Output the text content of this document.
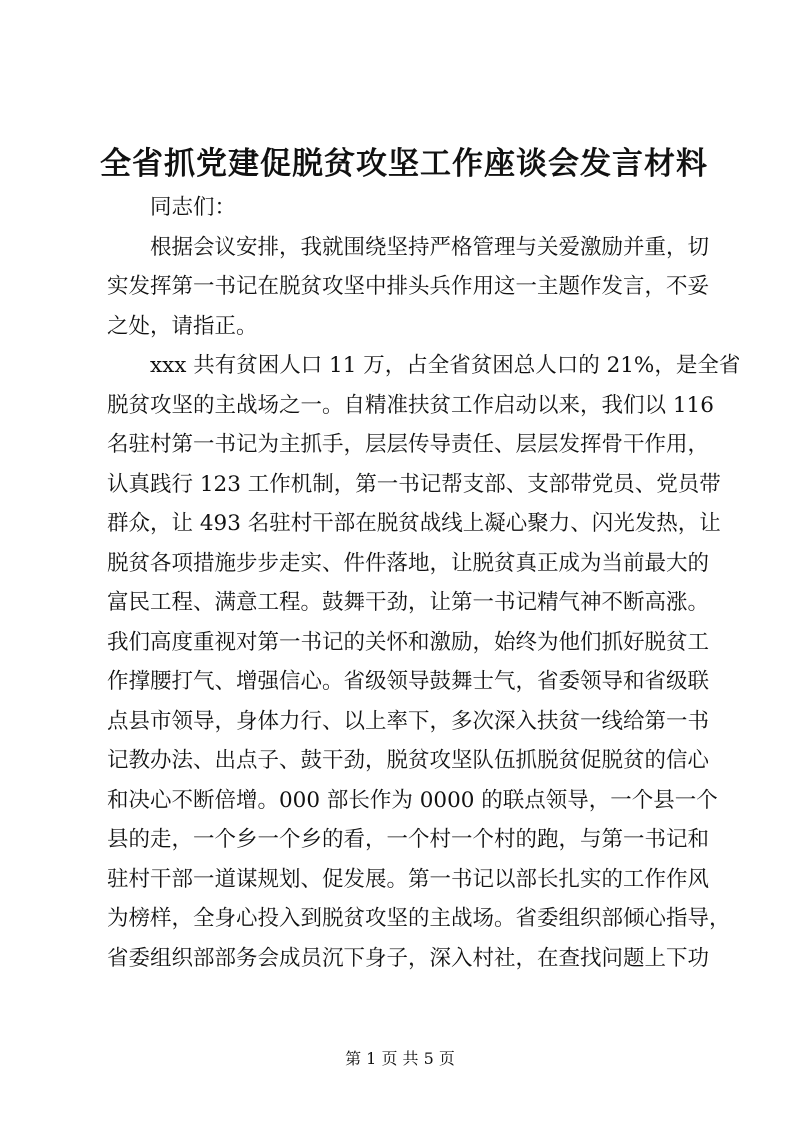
全省抓党建促脱贫攻坚工作座谈会发言材料
同志们：
根据会议安排，我就围绕坚持严格管理与关爱激励并重，切
实发挥第一书记在脱贫攻坚中排头兵作用这一主题作发言，不妥
之处，请指正。
xxx 共有贫困人口 11 万，占全省贫困总人口的 21%，是全省
脱贫攻坚的主战场之一。自精准扶贫工作启动以来，我们以 116
名驻村第一书记为主抓手，层层传导责任、层层发挥骨干作用，
认真践行 123 工作机制，第一书记帮支部、支部带党员、党员带
群众，让 493 名驻村干部在脱贫战线上凝心聚力、闪光发热，让
脱贫各项措施步步走实、件件落地，让脱贫真正成为当前最大的
富民工程、满意工程。鼓舞干劲，让第一书记精气神不断高涨。
我们高度重视对第一书记的关怀和激励，始终为他们抓好脱贫工
作撑腰打气、增强信心。省级领导鼓舞士气，省委领导和省级联
点县市领导，身体力行、以上率下，多次深入扶贫一线给第一书
记教办法、出点子、鼓干劲，脱贫攻坚队伍抓脱贫促脱贫的信心
和决心不断倍增。000 部长作为 0000 的联点领导，一个县一个
县的走，一个乡一个乡的看，一个村一个村的跑，与第一书记和
驻村干部一道谋规划、促发展。第一书记以部长扎实的工作作风
为榜样，全身心投入到脱贫攻坚的主战场。省委组织部倾心指导，
省委组织部部务会成员沉下身子，深入村社，在查找问题上下功
第 1 页 共 5 页
